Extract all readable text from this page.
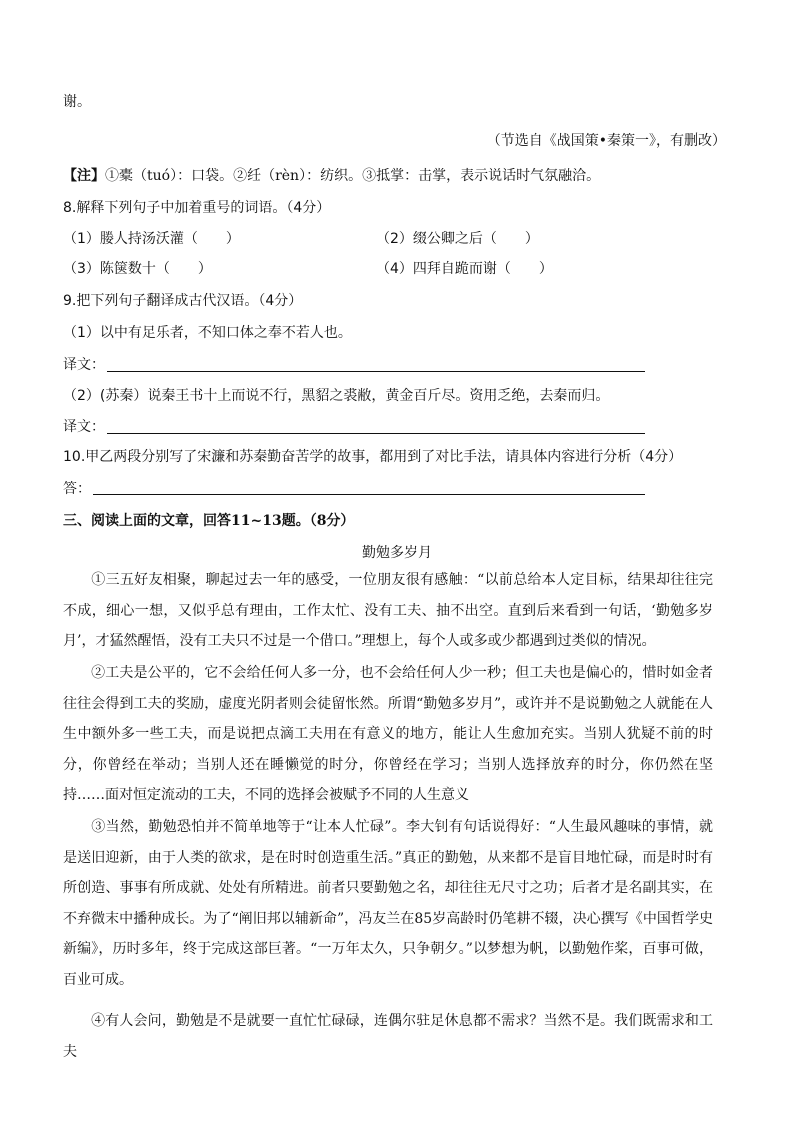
谢。
（节选自《战国策•秦策一》，有删改）
【注】①橐（tuó）：口袋。②纴（rèn）：纺织。③抵掌：击掌，表示说话时气氛融洽。
8.解释下列句子中加着重号的词语。（4分）
（1）媵人持汤沃灌（　　）	（2）缀公卿之后（　　）
（3）陈箧数十（　　）	（4）四拜自跪而谢（　　）
9.把下列句子翻译成古代汉语。（4分）
（1）以中有足乐者，不知口体之奉不若人也。
译文：
（2）(苏秦）说秦王书十上而说不行，黑貂之裘敝，黄金百斤尽。资用乏绝，去秦而归。
译文：
10.甲乙两段分别写了宋濂和苏秦勤奋苦学的故事，都用到了对比手法，请具体内容进行分析（4分）
答：
三、阅读上面的文章，回答11~13题。（8分）
勤勉多岁月
①三五好友相聚，聊起过去一年的感受，一位朋友很有感触：“以前总给本人定目标，结果却往往完不成，细心一想，又似乎总有理由，工作太忙、没有工夫、抽不出空。直到后来看到一句话，‘勤勉多岁月’，才猛然醒悟，没有工夫只不过是一个借口。”理想上，每个人或多或少都遇到过类似的情况。
②工夫是公平的，它不会给任何人多一分，也不会给任何人少一秒；但工夫也是偏心的，惜时如金者往往会得到工夫的奖励，虚度光阴者则会徒留怅然。所谓“勤勉多岁月”，或许并不是说勤勉之人就能在人生中额外多一些工夫，而是说把点滴工夫用在有意义的地方，能让人生愈加充实。当别人犹疑不前的时分，你曾经在举动；当别人还在睡懒觉的时分，你曾经在学习；当别人选择放弃的时分，你仍然在坚持……面对恒定流动的工夫，不同的选择会被赋予不同的人生意义
③当然，勤勉恐怕并不简单地等于“让本人忙碌”。李大钊有句话说得好：“人生最风趣味的事情，就是送旧迎新，由于人类的欲求，是在时时创造重生活。”真正的勤勉，从来都不是盲目地忙碌，而是时时有所创造、事事有所成就、处处有所精进。前者只要勤勉之名，却往往无尺寸之功；后者才是名副其实，在不弃微末中播种成长。为了“阐旧邦以辅新命”，冯友兰在85岁高龄时仍笔耕不辍，决心撰写《中国哲学史新编》，历时多年，终于完成这部巨著。“一万年太久，只争朝夕。”以梦想为帆，以勤勉作桨，百事可做，百业可成。
④有人会问，勤勉是不是就要一直忙忙碌碌，连偶尔驻足休息都不需求？当然不是。我们既需求和工夫
